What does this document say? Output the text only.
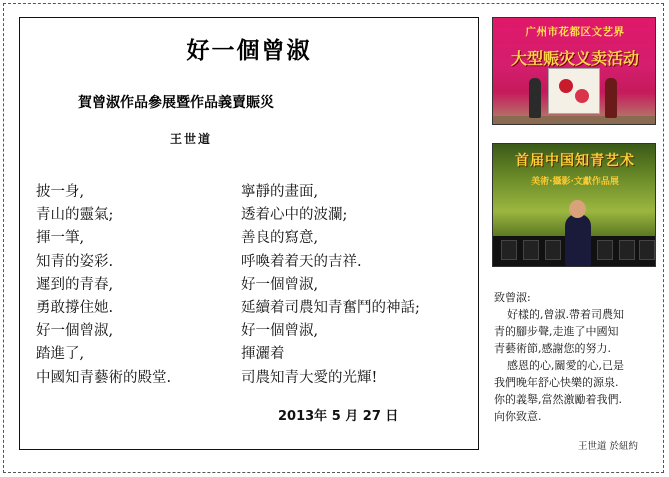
好一個曾淑
賀曾淑作品參展暨作品義賣賑災
王世道
披一身,
青山的靈氣;
揮一筆,
知青的姿彩.
遲到的青春,
勇敢撐住她.
好一個曾淑,
踏進了,
中國知青藝術的殿堂.
寧靜的畫面,
透着心中的波瀾;
善良的寫意,
呼喚着着天的吉祥.
好一個曾淑,
延續着司農知青奮鬥的神話;
好一個曾淑,
揮灑着
司農知青大愛的光輝!
2013年 5 月 27 日
广州市花都区文艺界
大型赈灾义卖活动
首届中国知青艺术
美術·攝影·文獻作品展
致曾淑:
好樣的,曾淑.帶着司農知
青的腳步聲,走進了中國知
青藝術節,感謝您的努力.
感恩的心,關愛的心,已是
我們晚年舒心快樂的源泉.
你的義舉,當然激勵着我們.
向你致意.
王世道 於紐約
